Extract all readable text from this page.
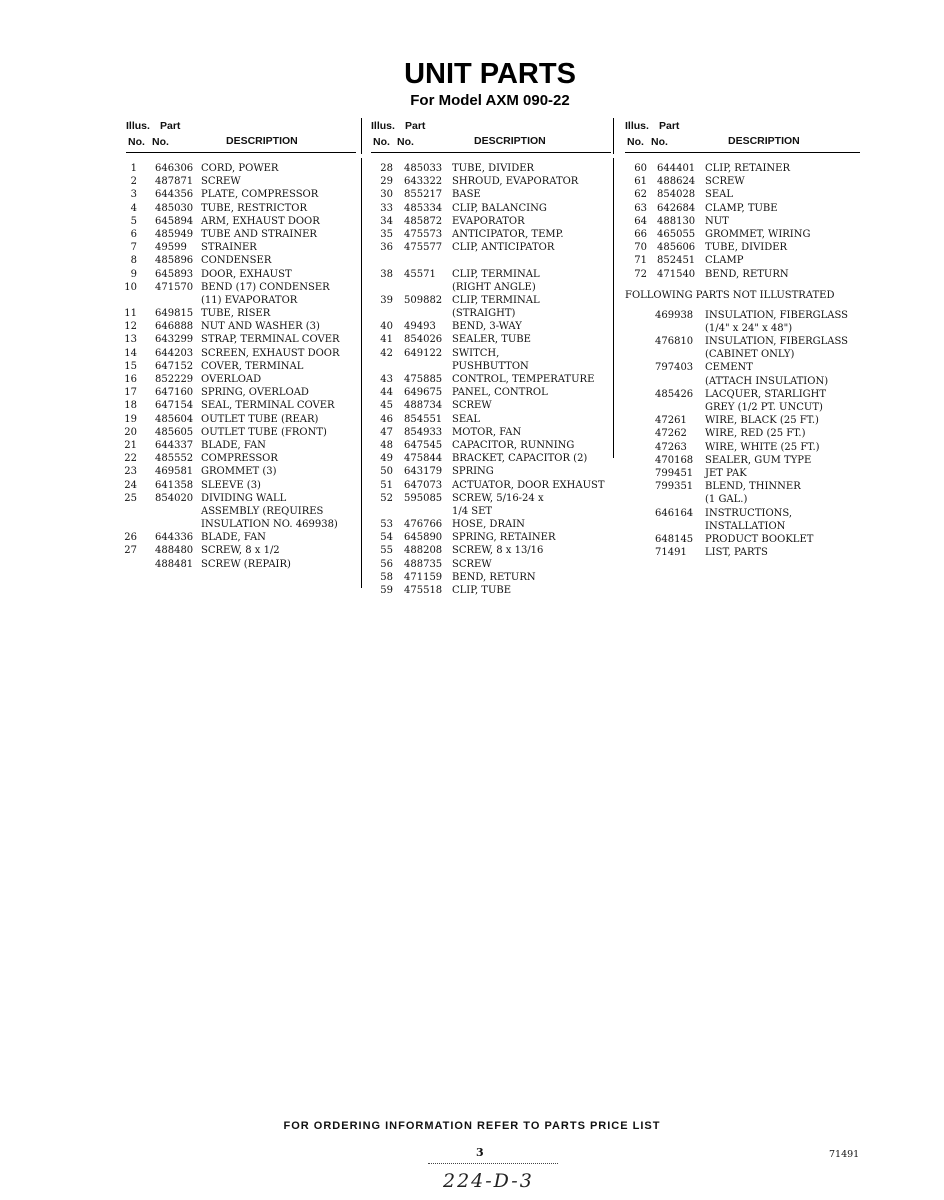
UNIT PARTS
For Model AXM 090-22
Illus. Part
No. No.	DESCRIPTION
1 646306 CORD, POWER
2 487871 SCREW
3 644356 PLATE, COMPRESSOR
4 485030 TUBE, RESTRICTOR
5 645894 ARM, EXHAUST DOOR
6 485949 TUBE AND STRAINER
7 49599 STRAINER
8 485896 CONDENSER
9 645893 DOOR, EXHAUST
10 471570 BEND (17) CONDENSER
(11) EVAPORATOR
11 649815 TUBE, RISER
12 646888 NUT AND WASHER (3)
13 643299 STRAP, TERMINAL COVER
14 644203 SCREEN, EXHAUST DOOR
15 647152 COVER, TERMINAL
16 852229 OVERLOAD
17 647160 SPRING, OVERLOAD
18 647154 SEAL, TERMINAL COVER
19 485604 OUTLET TUBE (REAR)
20 485605 OUTLET TUBE (FRONT)
21 644337 BLADE, FAN
22 485552 COMPRESSOR
23 469581 GROMMET (3)
24 641358 SLEEVE (3)
25 854020 DIVIDING WALL
ASSEMBLY (REQUIRES
INSULATION NO. 469938)
26 644336 BLADE, FAN
27 488480 SCREW, 8 x 1/2
488481 SCREW (REPAIR)
Illus. Part
No. No.	DESCRIPTION
28 485033 TUBE, DIVIDER
29 643322 SHROUD, EVAPORATOR
30 855217 BASE
33 485334 CLIP, BALANCING
34 485872 EVAPORATOR
35 475573 ANTICIPATOR, TEMP.
36 475577 CLIP, ANTICIPATOR
38 45571 CLIP, TERMINAL
(RIGHT ANGLE)
39 509882 CLIP, TERMINAL
(STRAIGHT)
40 49493 BEND, 3-WAY
41 854026 SEALER, TUBE
42 649122 SWITCH,
PUSHBUTTON
43 475885 CONTROL, TEMPERATURE
44 649675 PANEL, CONTROL
45 488734 SCREW
46 854551 SEAL
47 854933 MOTOR, FAN
48 647545 CAPACITOR, RUNNING
49 475844 BRACKET, CAPACITOR (2)
50 643179 SPRING
51 647073 ACTUATOR, DOOR EXHAUST
52 595085 SCREW, 5/16-24 x
1/4 SET
53 476766 HOSE, DRAIN
54 645890 SPRING, RETAINER
55 488208 SCREW, 8 x 13/16
56 488735 SCREW
58 471159 BEND, RETURN
59 475518 CLIP, TUBE
Illus. Part
No. No.	DESCRIPTION
60 644401 CLIP, RETAINER
61 488624 SCREW
62 854028 SEAL
63 642684 CLAMP, TUBE
64 488130 NUT
66 465055 GROMMET, WIRING
70 485606 TUBE, DIVIDER
71 852451 CLAMP
72 471540 BEND, RETURN
FOLLOWING PARTS NOT ILLUSTRATED
469938 INSULATION, FIBERGLASS
(1/4" x 24" x 48")
476810 INSULATION, FIBERGLASS
(CABINET ONLY)
797403 CEMENT
(ATTACH INSULATION)
485426 LACQUER, STARLIGHT
GREY (1/2 PT. UNCUT)
47261 WIRE, BLACK (25 FT.)
47262 WIRE, RED (25 FT.)
47263 WIRE, WHITE (25 FT.)
470168 SEALER, GUM TYPE
799451 JET PAK
799351 BLEND, THINNER
(1 GAL.)
646164 INSTRUCTIONS,
INSTALLATION
648145 PRODUCT BOOKLET
71491 LIST, PARTS
FOR ORDERING INFORMATION REFER TO PARTS PRICE LIST
3
224-D-3
71491
